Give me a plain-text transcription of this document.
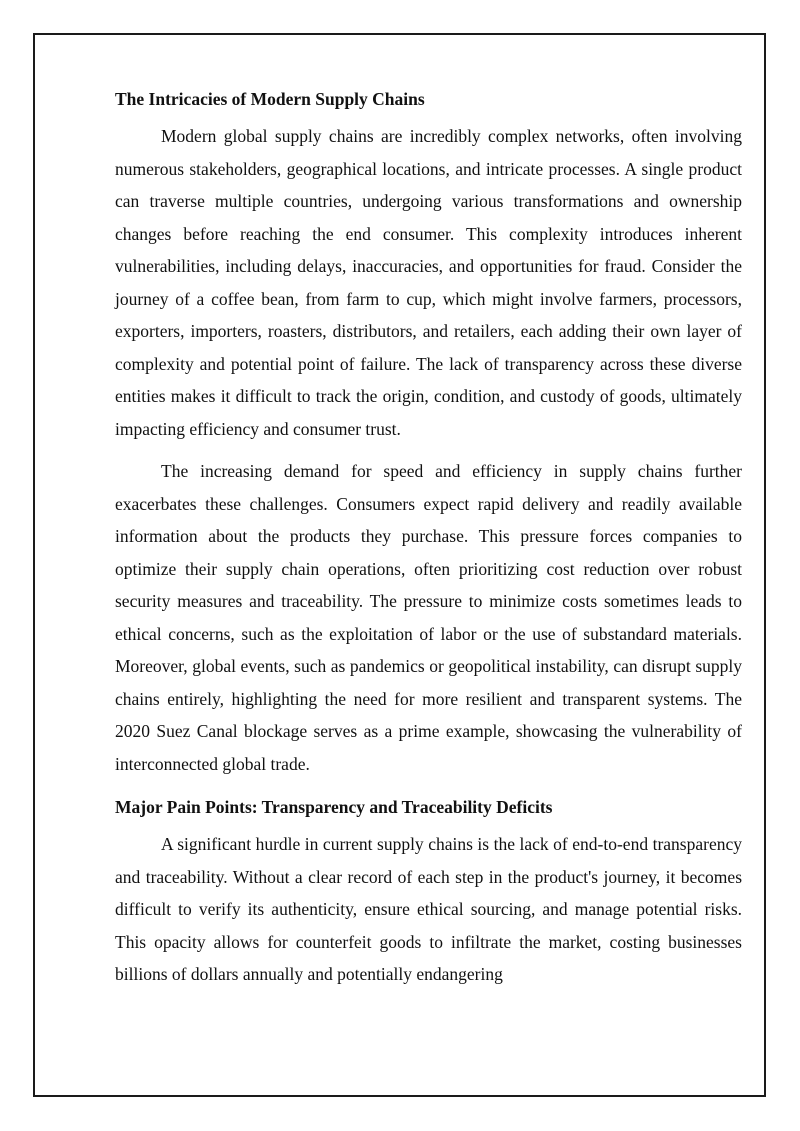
The Intricacies of Modern Supply Chains

Modern global supply chains are incredibly complex networks, often involving numerous stakeholders, geographical locations, and intricate processes. A single product can traverse multiple countries, undergoing various transformations and ownership changes before reaching the end consumer. This complexity introduces inherent vulnerabilities, including delays, inaccuracies, and opportunities for fraud. Consider the journey of a coffee bean, from farm to cup, which might involve farmers, processors, exporters, importers, roasters, distributors, and retailers, each adding their own layer of complexity and potential point of failure. The lack of transparency across these diverse entities makes it difficult to track the origin, condition, and custody of goods, ultimately impacting efficiency and consumer trust.

The increasing demand for speed and efficiency in supply chains further exacerbates these challenges. Consumers expect rapid delivery and readily available information about the products they purchase. This pressure forces companies to optimize their supply chain operations, often prioritizing cost reduction over robust security measures and traceability. The pressure to minimize costs sometimes leads to ethical concerns, such as the exploitation of labor or the use of substandard materials. Moreover, global events, such as pandemics or geopolitical instability, can disrupt supply chains entirely, highlighting the need for more resilient and transparent systems. The 2020 Suez Canal blockage serves as a prime example, showcasing the vulnerability of interconnected global trade.

Major Pain Points: Transparency and Traceability Deficits

A significant hurdle in current supply chains is the lack of end-to-end transparency and traceability. Without a clear record of each step in the product's journey, it becomes difficult to verify its authenticity, ensure ethical sourcing, and manage potential risks. This opacity allows for counterfeit goods to infiltrate the market, costing businesses billions of dollars annually and potentially endangering
